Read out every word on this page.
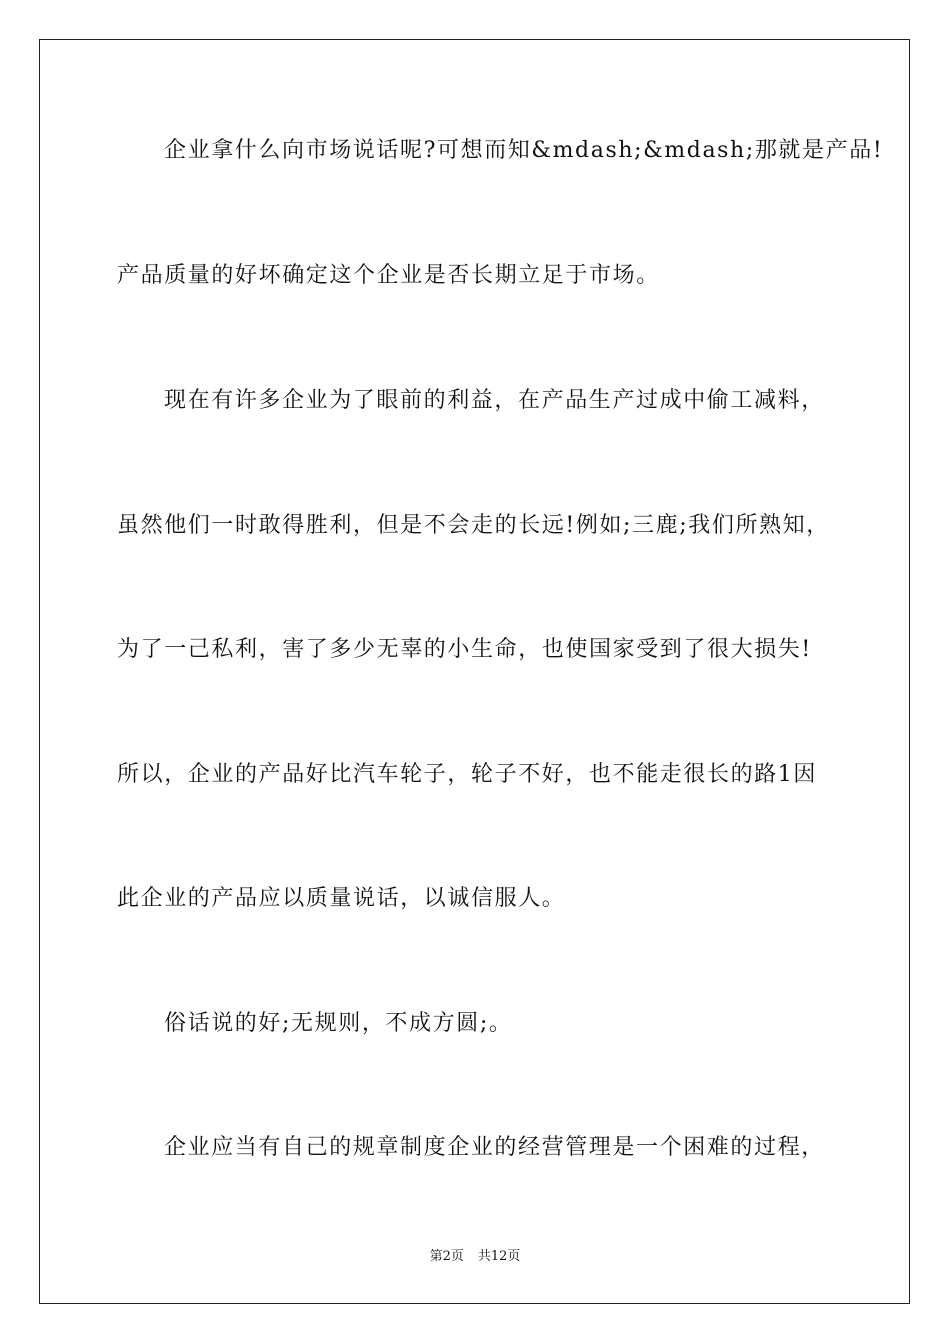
企业拿什么向市场说话呢?可想而知&mdash;&mdash;那就是产品!
产品质量的好坏确定这个企业是否长期立足于市场。
现在有许多企业为了眼前的利益，在产品生产过成中偷工减料，
虽然他们一时敢得胜利，但是不会走的长远!例如;三鹿;我们所熟知，
为了一己私利，害了多少无辜的小生命，也使国家受到了很大损失!
所以，企业的产品好比汽车轮子，轮子不好，也不能走很长的路1因
此企业的产品应以质量说话，以诚信服人。
俗话说的好;无规则，不成方圆;。
企业应当有自己的规章制度企业的经营管理是一个困难的过程，
第2页 共12页
